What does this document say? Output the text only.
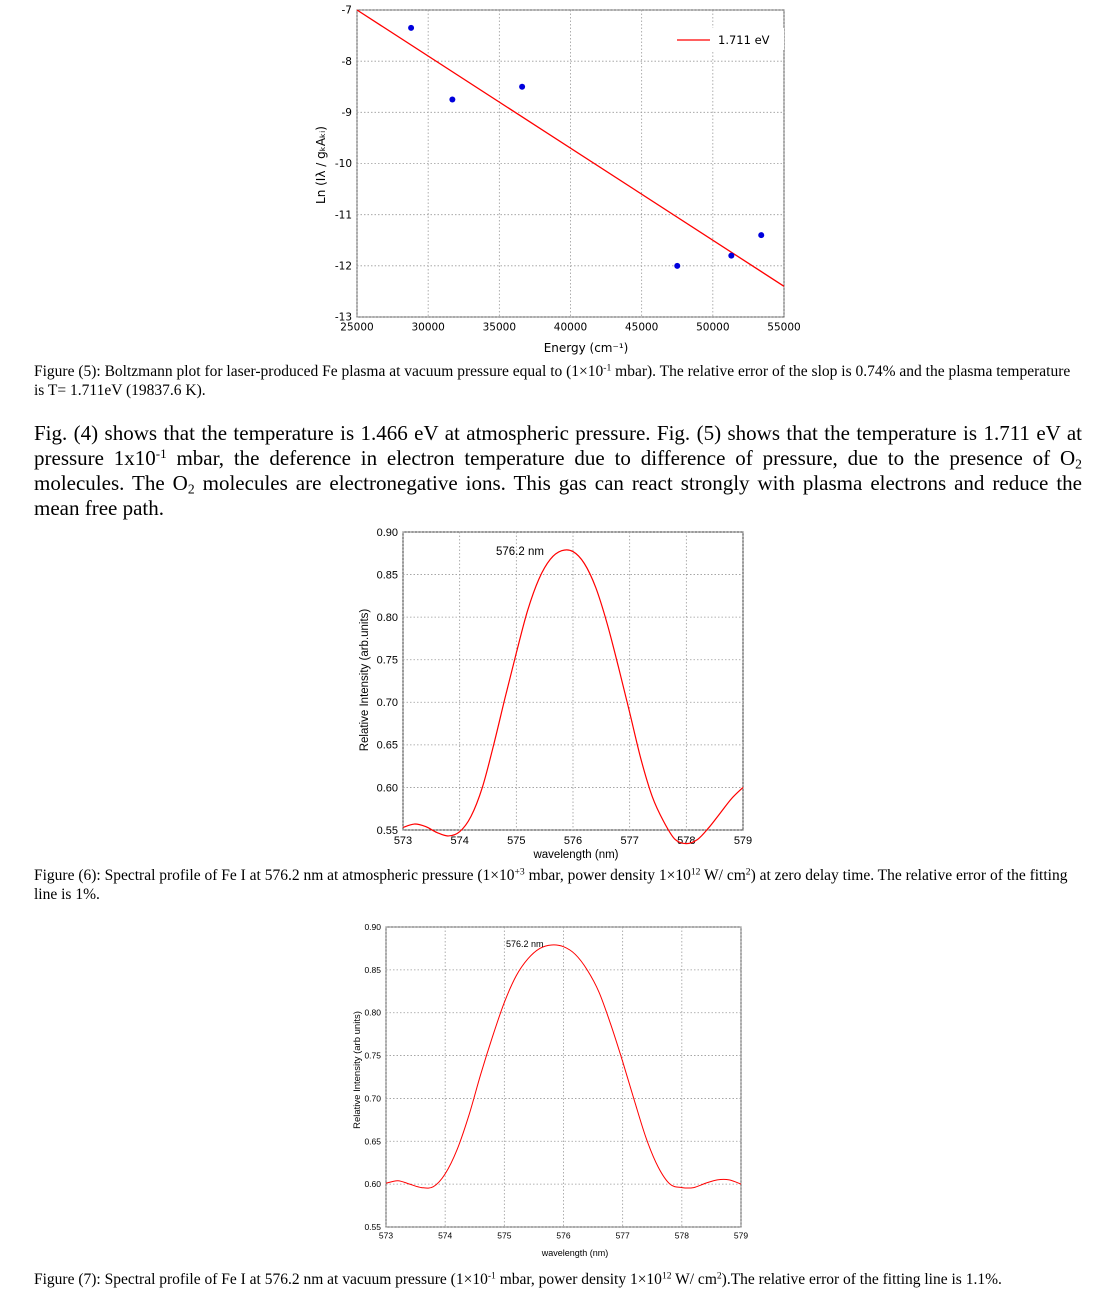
-7
-8
-9
-10
-11
-12
-13
25000	30000	35000	40000	45000	50000	55000
1.711 eV
Energy (cm⁻¹)
Ln (Iλ / gₖAₖᵢ)
Figure (5): Boltzmann plot for laser-produced Fe plasma at vacuum pressure equal to ($1\times 10^{-1}$ mbar). The relative error of the slop is 0.74% and the plasma temperature is T= 1.711eV (19837.6 K).
Fig. (4) shows that the temperature is 1.466 eV at atmospheric pressure. Fig. (5) shows that the temperature is 1.711 eV at pressure $1x10^{-1}$ mbar, the deference in electron temperature due to difference of pressure, due to the presence of $O_2$ molecules. The $O_2$ molecules are electronegative ions. This gas can react strongly with plasma electrons and reduce the mean free path.
0.90
0.85
0.80
0.75
0.70
0.65
0.60
0.55
573	574	575	576	577	578	579
576.2 nm
wavelength (nm)
Relative Intensity (arb.units)
Figure (6): Spectral profile of Fe I at 576.2 nm at atmospheric pressure ($1\times 10^{+3}$ mbar, power density $1\times 10^{12}$ W/ $cm^2$) at zero delay time. The relative error of the fitting line is 1%.
0.90
0.85
0.80
0.75
0.70
0.65
0.60
0.55
573	574	575	576	577	578	579
576.2 nm
wavelength (nm)
Relative Intensity (arb units)
Figure (7): Spectral profile of Fe I at 576.2 nm at vacuum pressure ($1\times 10^{-1}$ mbar, power density $1\times 10^{12}$ W/ $cm^2).The$ relative error of the fitting line is 1.1%.
